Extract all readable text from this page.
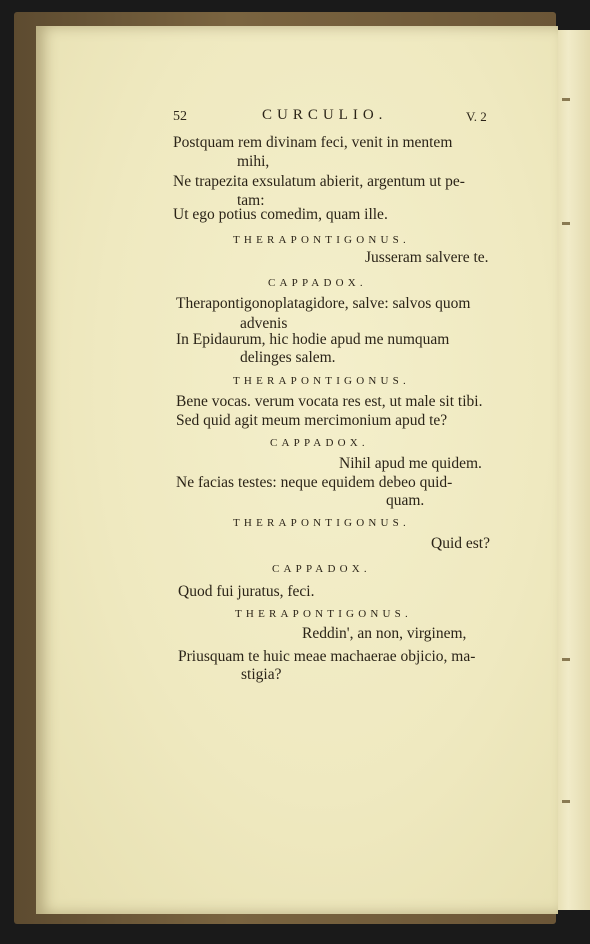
52	CURCULIO.	V. 2
Postquam rem divinam feci, venit in mentem
mihi,
Ne trapezita exsulatum abierit, argentum ut pe-
tam:
Ut ego potius comedim, quam ille.
THERAPONTIGONUS.
Jusseram salvere te.
CAPPADOX.
Therapontigonoplatagidore, salve: salvos quom
advenis
In Epidaurum, hic hodie apud me numquam
delinges salem.
THERAPONTIGONUS.
Bene vocas. verum vocata res est, ut male sit tibi.
Sed quid agit meum mercimonium apud te?
CAPPADOX.
Nihil apud me quidem.
Ne facias testes: neque equidem debeo quid-
quam.
THERAPONTIGONUS.
Quid est?
CAPPADOX.
Quod fui juratus, feci.
THERAPONTIGONUS.
Reddin', an non, virginem,
Priusquam te huic meae machaerae objicio, ma-
stigia?
